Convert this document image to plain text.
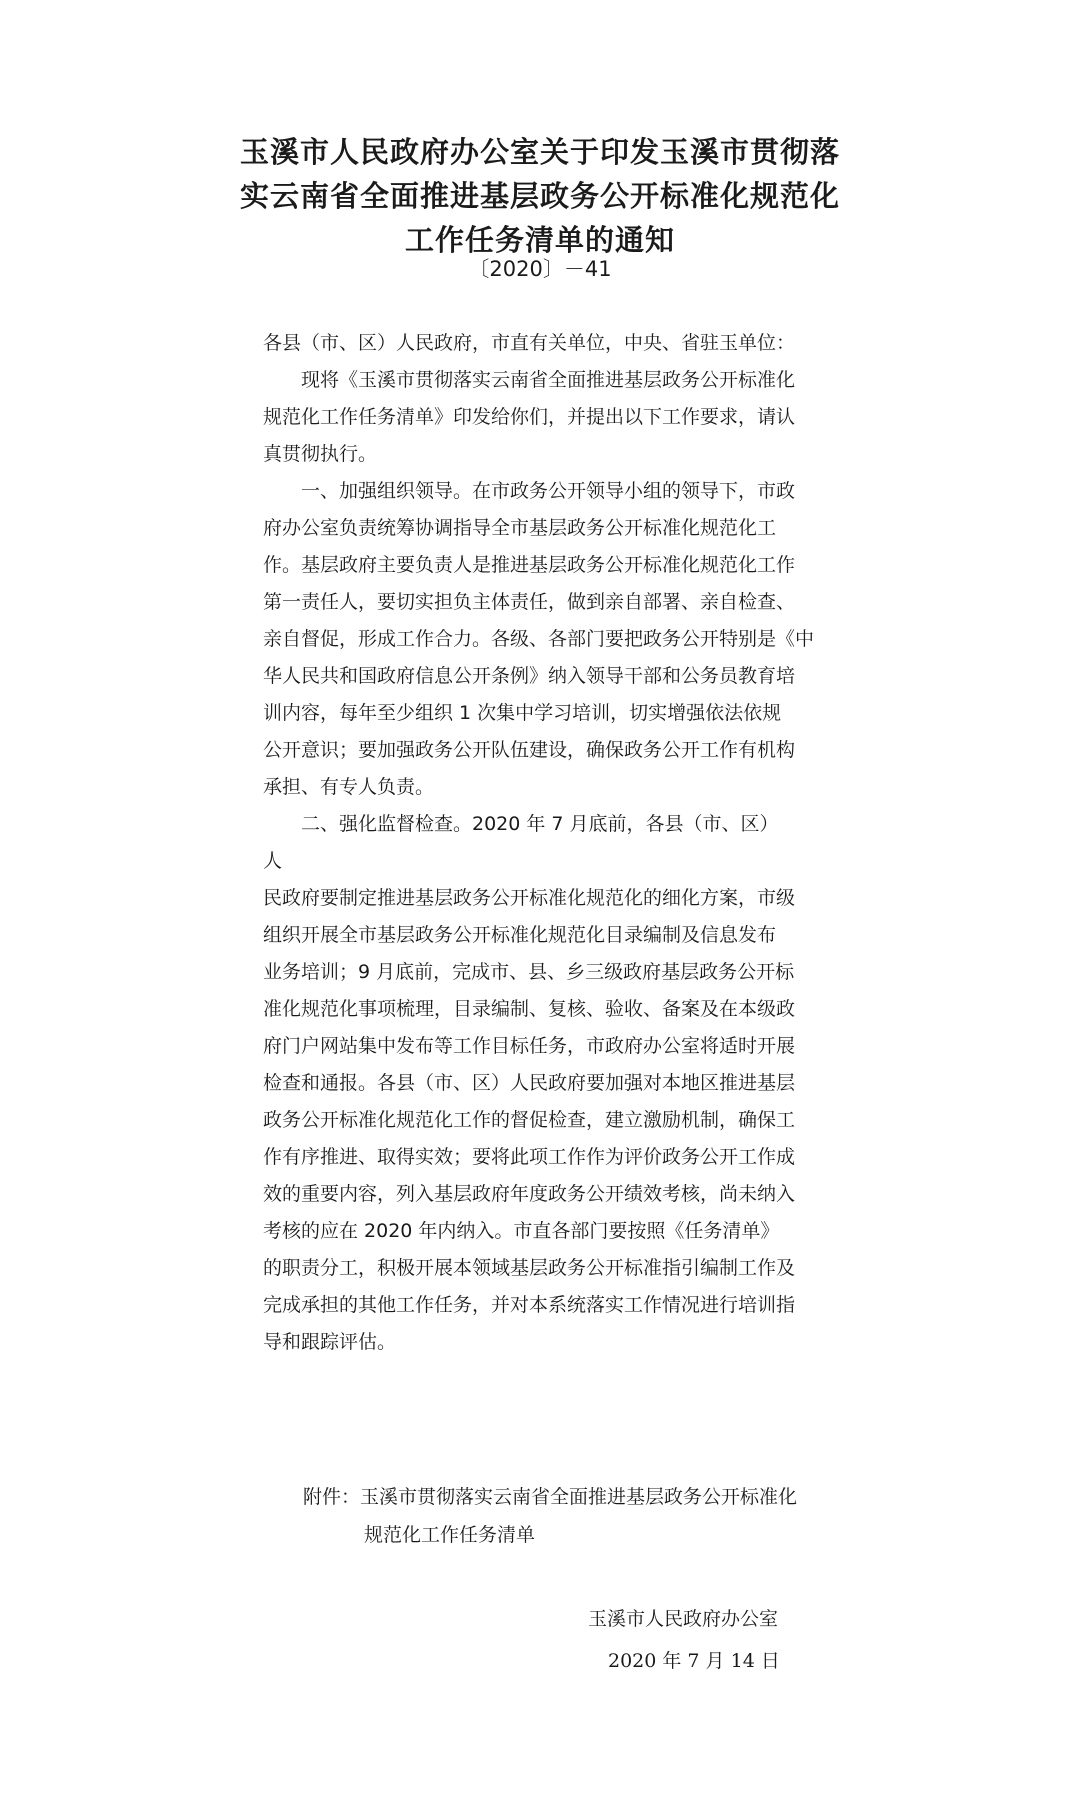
玉溪市人民政府办公室关于印发玉溪市贯彻落
实云南省全面推进基层政务公开标准化规范化
工作任务清单的通知
〔2020〕－41
各县（市、区）人民政府，市直有关单位，中央、省驻玉单位：
现将《玉溪市贯彻落实云南省全面推进基层政务公开标准化
规范化工作任务清单》印发给你们，并提出以下工作要求，请认
真贯彻执行。
一、加强组织领导。在市政务公开领导小组的领导下，市政
府办公室负责统筹协调指导全市基层政务公开标准化规范化工
作。基层政府主要负责人是推进基层政务公开标准化规范化工作
第一责任人，要切实担负主体责任，做到亲自部署、亲自检查、
亲自督促，形成工作合力。各级、各部门要把政务公开特别是《中
华人民共和国政府信息公开条例》纳入领导干部和公务员教育培
训内容，每年至少组织 1 次集中学习培训，切实增强依法依规
公开意识；要加强政务公开队伍建设，确保政务公开工作有机构
承担、有专人负责。
二、强化监督检查。2020 年 7 月底前，各县（市、区）
人
民政府要制定推进基层政务公开标准化规范化的细化方案，市级
组织开展全市基层政务公开标准化规范化目录编制及信息发布
业务培训；9 月底前，完成市、县、乡三级政府基层政务公开标
准化规范化事项梳理，目录编制、复核、验收、备案及在本级政
府门户网站集中发布等工作目标任务，市政府办公室将适时开展
检查和通报。各县（市、区）人民政府要加强对本地区推进基层
政务公开标准化规范化工作的督促检查，建立激励机制，确保工
作有序推进、取得实效；要将此项工作作为评价政务公开工作成
效的重要内容，列入基层政府年度政务公开绩效考核，尚未纳入
考核的应在 2020 年内纳入。市直各部门要按照《任务清单》
的职责分工，积极开展本领域基层政务公开标准指引编制工作及
完成承担的其他工作任务，并对本系统落实工作情况进行培训指
导和跟踪评估。
附件：玉溪市贯彻落实云南省全面推进基层政务公开标准化
规范化工作任务清单
玉溪市人民政府办公室
2020 年 7 月 14 日
